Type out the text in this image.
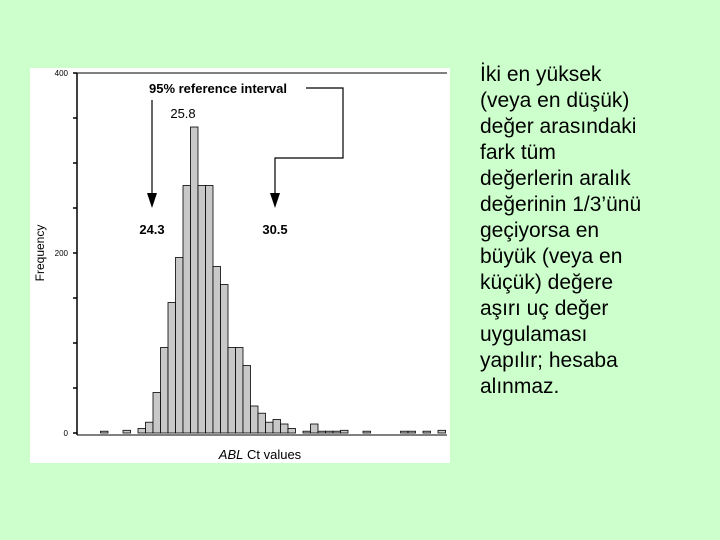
0
200
400
95% reference interval
25.8
24.3	30.5
Frequency
ABL Ct values
İki en yüksek
(veya en düşük)
değer arasındaki
fark tüm
değerlerin aralık
değerinin 1/3’ünü
geçiyorsa en
büyük (veya en
küçük) değere
aşırı uç değer
uygulaması
yapılır; hesaba
alınmaz.
